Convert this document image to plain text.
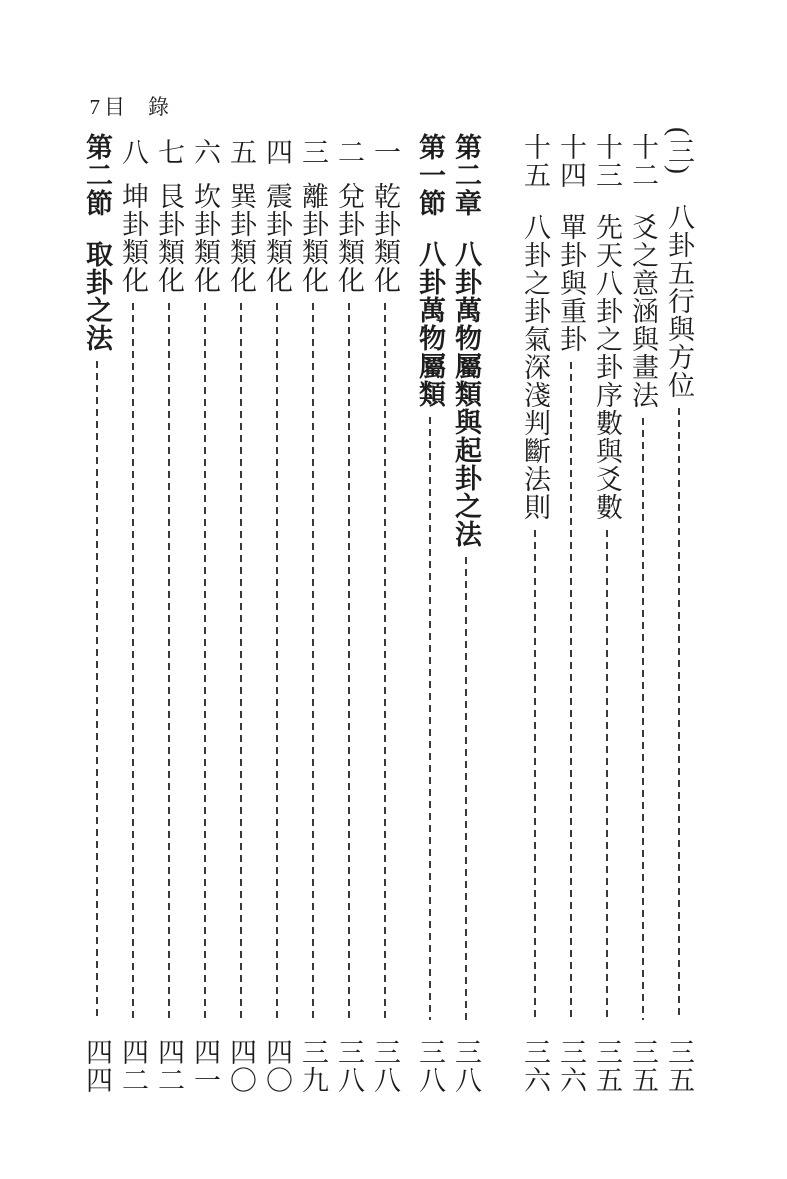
7 目　錄

(三)
八卦五行與方位
三五
十二
爻之意涵與畫法
三五
十三
先天八卦之卦序數與爻數
三五
十四
單卦與重卦
三六
十五
八卦之卦氣深淺判斷法則
三六
第二章
八卦萬物屬類與起卦之法
三八
第一節
八卦萬物屬類
三八
一
乾卦類化
三八
二
兌卦類化
三八
三
離卦類化
三九
四
震卦類化
四〇
五
巽卦類化
四〇
六
坎卦類化
四一
七
艮卦類化
四二
八
坤卦類化
四二
第二節
取卦之法
四四
